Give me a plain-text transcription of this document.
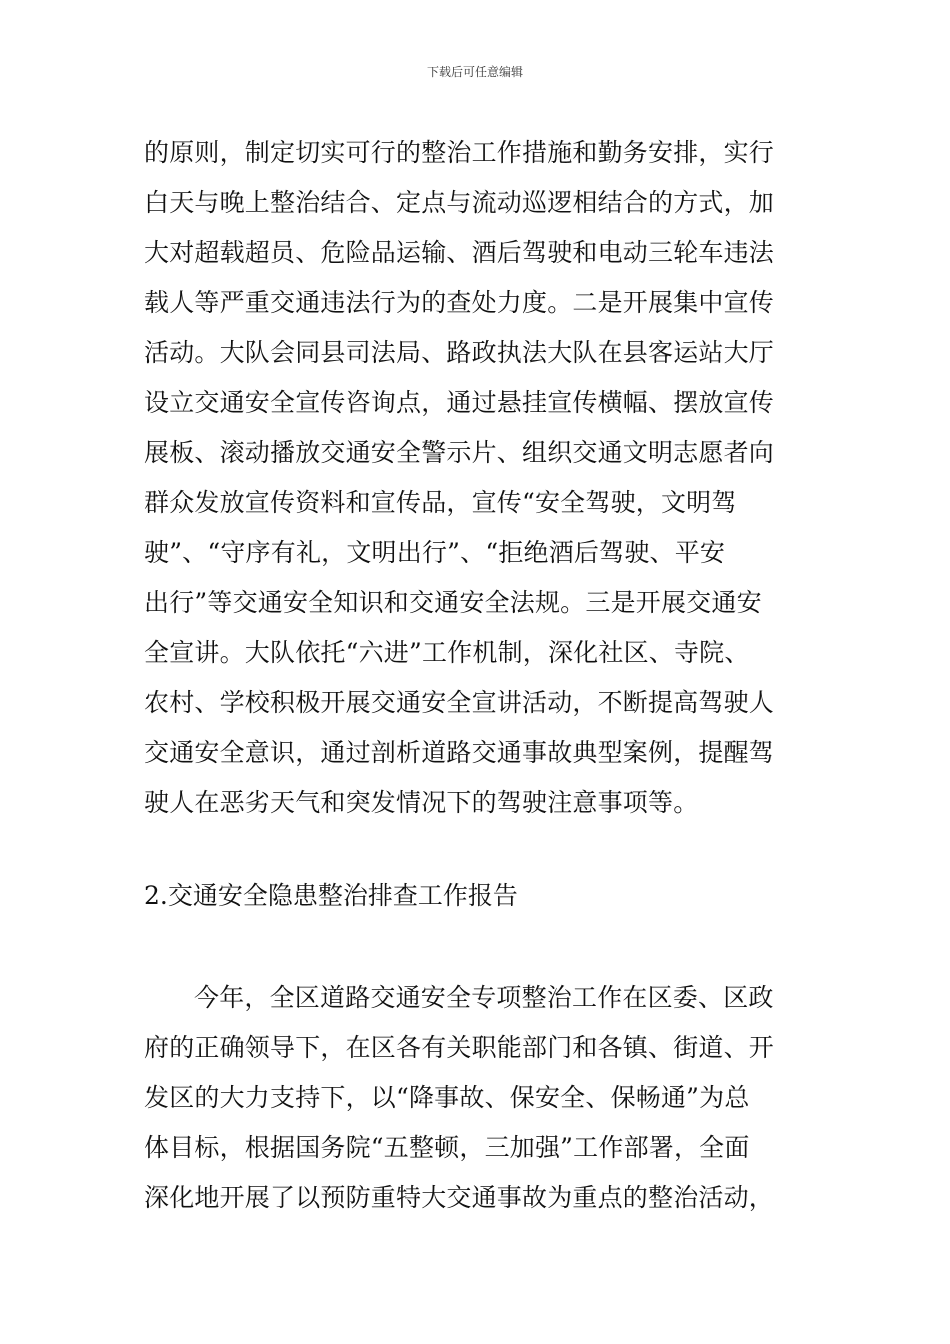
下载后可任意编辑
的原则，制定切实可行的整治工作措施和勤务安排，实行
白天与晚上整治结合、定点与流动巡逻相结合的方式，加
大对超载超员、危险品运输、酒后驾驶和电动三轮车违法
载人等严重交通违法行为的查处力度。二是开展集中宣传
活动。大队会同县司法局、路政执法大队在县客运站大厅
设立交通安全宣传咨询点，通过悬挂宣传横幅、摆放宣传
展板、滚动播放交通安全警示片、组织交通文明志愿者向
群众发放宣传资料和宣传品，宣传“安全驾驶，文明驾
驶”、“守序有礼，文明出行”、“拒绝酒后驾驶、平安
出行”等交通安全知识和交通安全法规。三是开展交通安
全宣讲。大队依托“六进”工作机制，深化社区、寺院、
农村、学校积极开展交通安全宣讲活动，不断提高驾驶人
交通安全意识，通过剖析道路交通事故典型案例，提醒驾
驶人在恶劣天气和突发情况下的驾驶注意事项等。
2.交通安全隐患整治排查工作报告
今年，全区道路交通安全专项整治工作在区委、区政
府的正确领导下，在区各有关职能部门和各镇、街道、开
发区的大力支持下，以“降事故、保安全、保畅通”为总
体目标，根据国务院“五整顿，三加强”工作部署，全面
深化地开展了以预防重特大交通事故为重点的整治活动，
